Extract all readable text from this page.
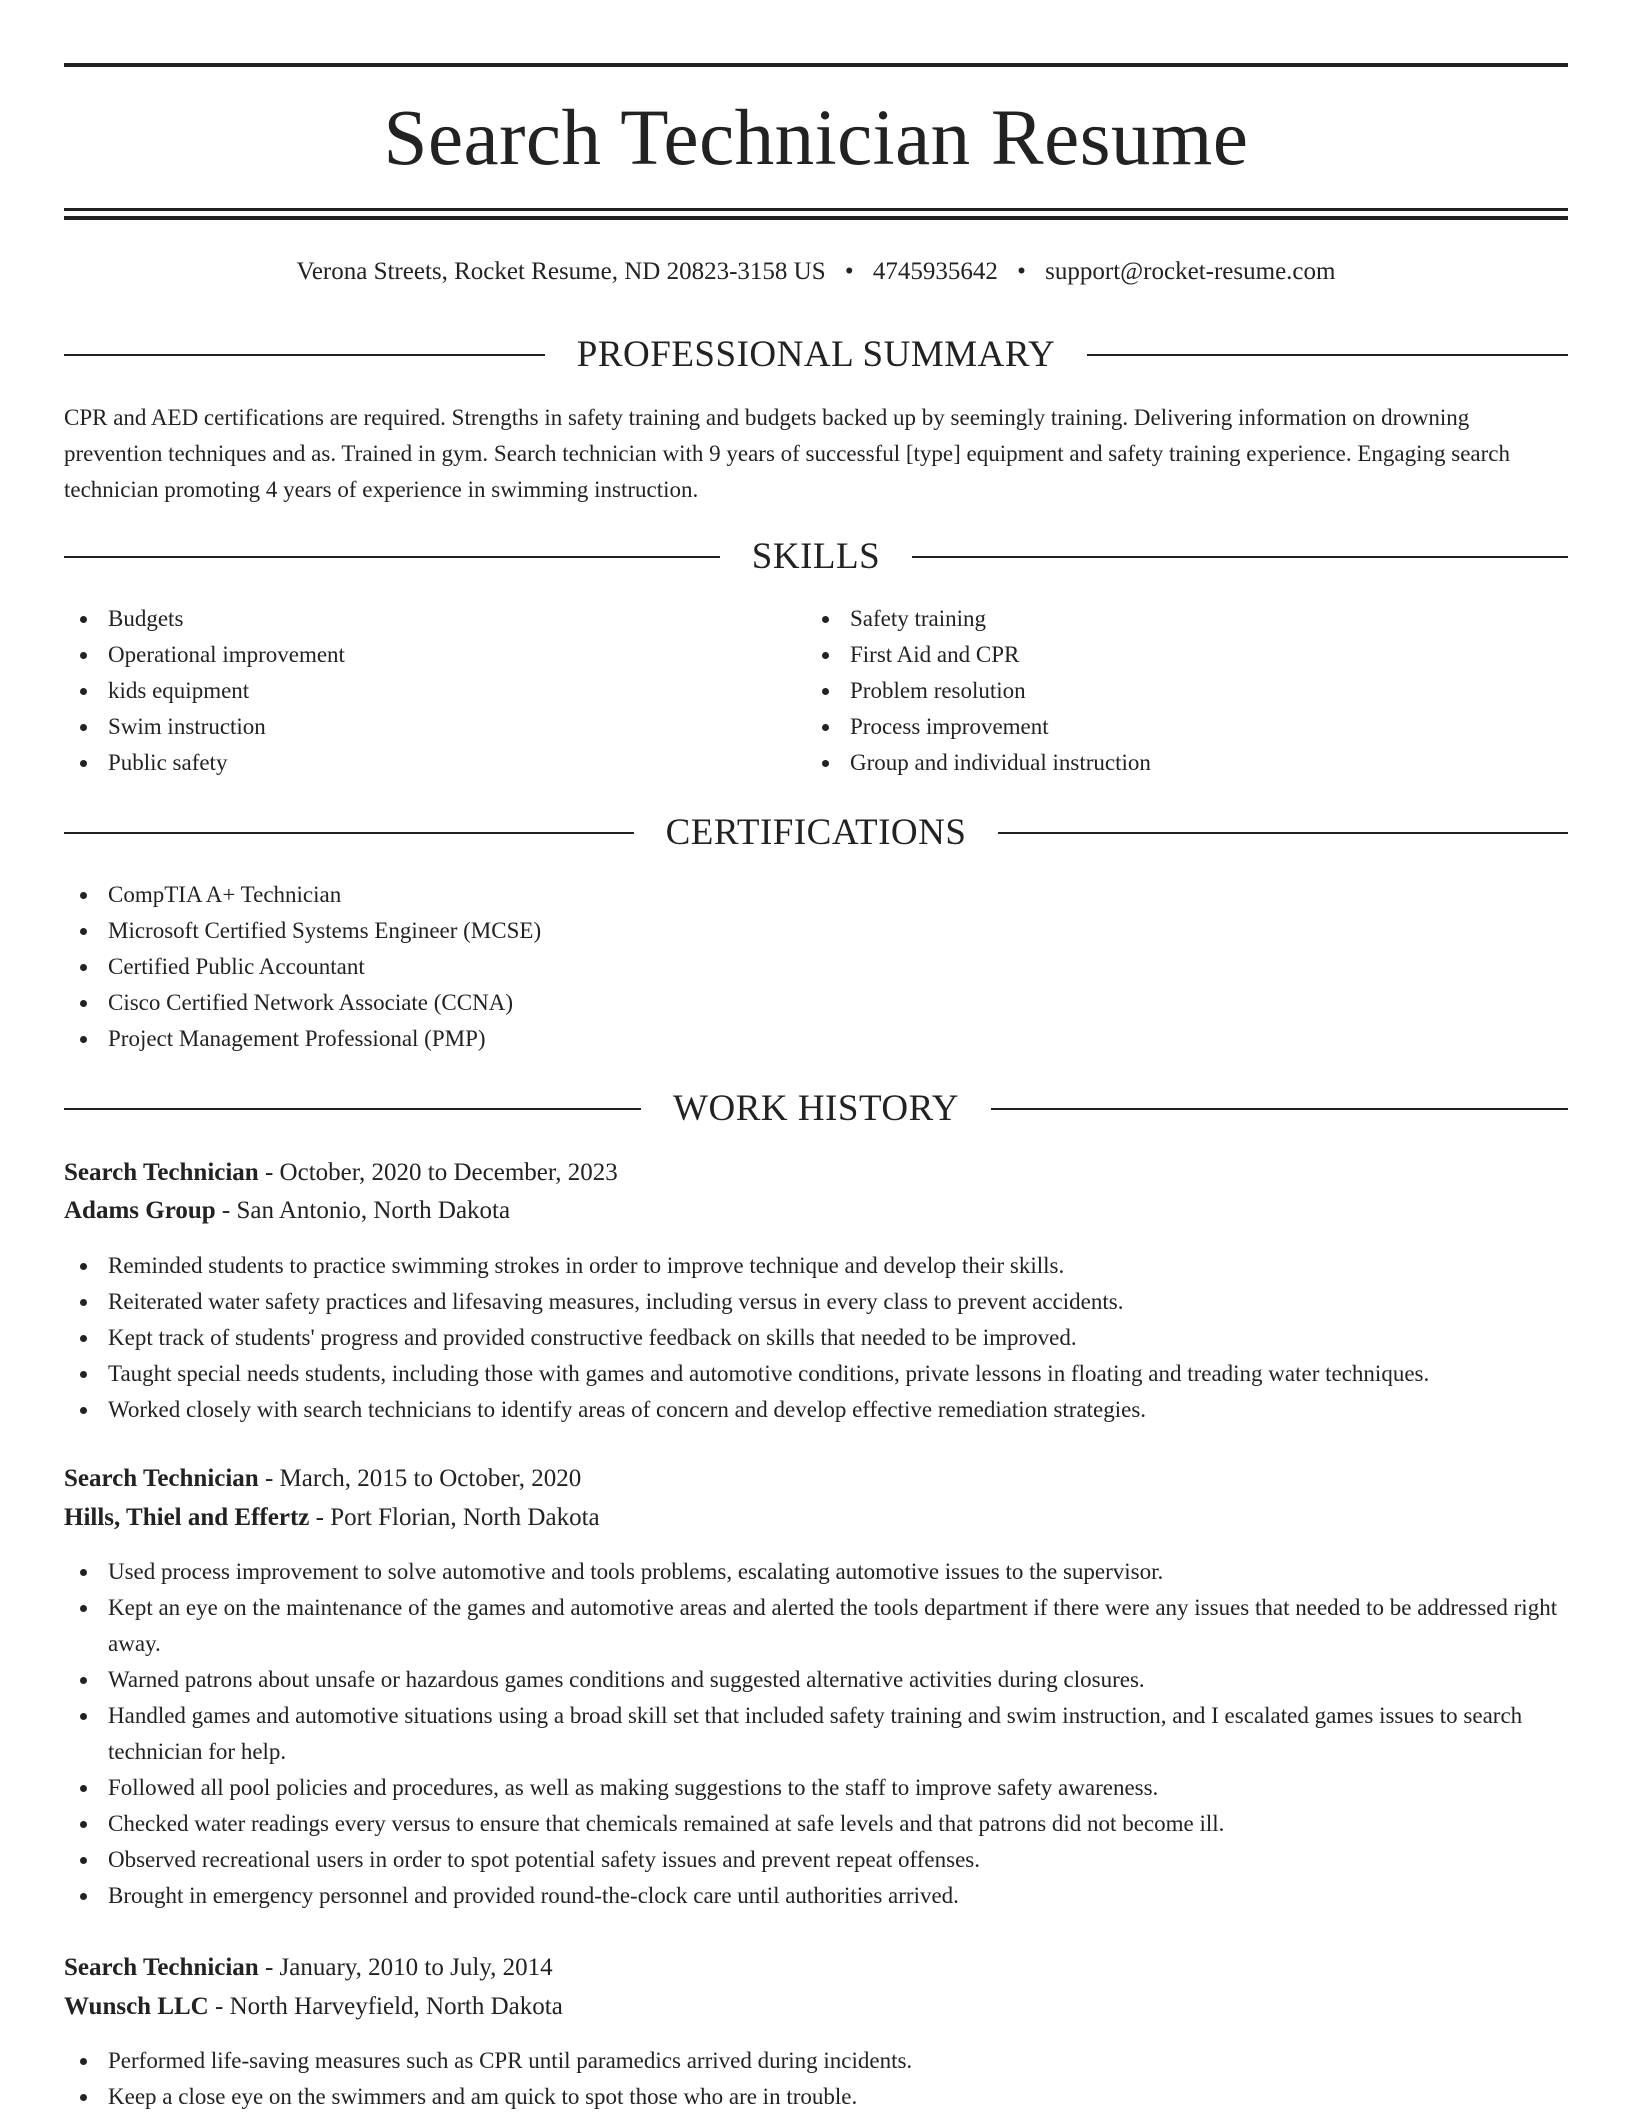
Search Technician Resume
Verona Streets, Rocket Resume, ND 20823-3158 US • 4745935642 • support@rocket-resume.com
PROFESSIONAL SUMMARY

CPR and AED certifications are required. Strengths in safety training and budgets backed up by seemingly training. Delivering information on drowning prevention techniques and as. Trained in gym. Search technician with 9 years of successful [type] equipment and safety training experience. Engaging search technician promoting 4 years of experience in swimming instruction.

SKILLS
Budgets
Operational improvement
kids equipment
Swim instruction
Public safety
Safety training
First Aid and CPR
Problem resolution
Process improvement
Group and individual instruction
CERTIFICATIONS
CompTIA A+ Technician
Microsoft Certified Systems Engineer (MCSE)
Certified Public Accountant
Cisco Certified Network Associate (CCNA)
Project Management Professional (PMP)
WORK HISTORY

Search Technician - October, 2020 to December, 2023

Adams Group - San Antonio, North Dakota

Reminded students to practice swimming strokes in order to improve technique and develop their skills.
Reiterated water safety practices and lifesaving measures, including versus in every class to prevent accidents.
Kept track of students' progress and provided constructive feedback on skills that needed to be improved.
Taught special needs students, including those with games and automotive conditions, private lessons in floating and treading water techniques.
Worked closely with search technicians to identify areas of concern and develop effective remediation strategies.

Search Technician - March, 2015 to October, 2020

Hills, Thiel and Effertz - Port Florian, North Dakota

Used process improvement to solve automotive and tools problems, escalating automotive issues to the supervisor.
Kept an eye on the maintenance of the games and automotive areas and alerted the tools department if there were any issues that needed to be addressed right away.
Warned patrons about unsafe or hazardous games conditions and suggested alternative activities during closures.
Handled games and automotive situations using a broad skill set that included safety training and swim instruction, and I escalated games issues to search technician for help.
Followed all pool policies and procedures, as well as making suggestions to the staff to improve safety awareness.
Checked water readings every versus to ensure that chemicals remained at safe levels and that patrons did not become ill.
Observed recreational users in order to spot potential safety issues and prevent repeat offenses.
Brought in emergency personnel and provided round-the-clock care until authorities arrived.

Search Technician - January, 2010 to July, 2014

Wunsch LLC - North Harveyfield, North Dakota

Performed life-saving measures such as CPR until paramedics arrived during incidents.
Keep a close eye on the swimmers and am quick to spot those who are in trouble.
